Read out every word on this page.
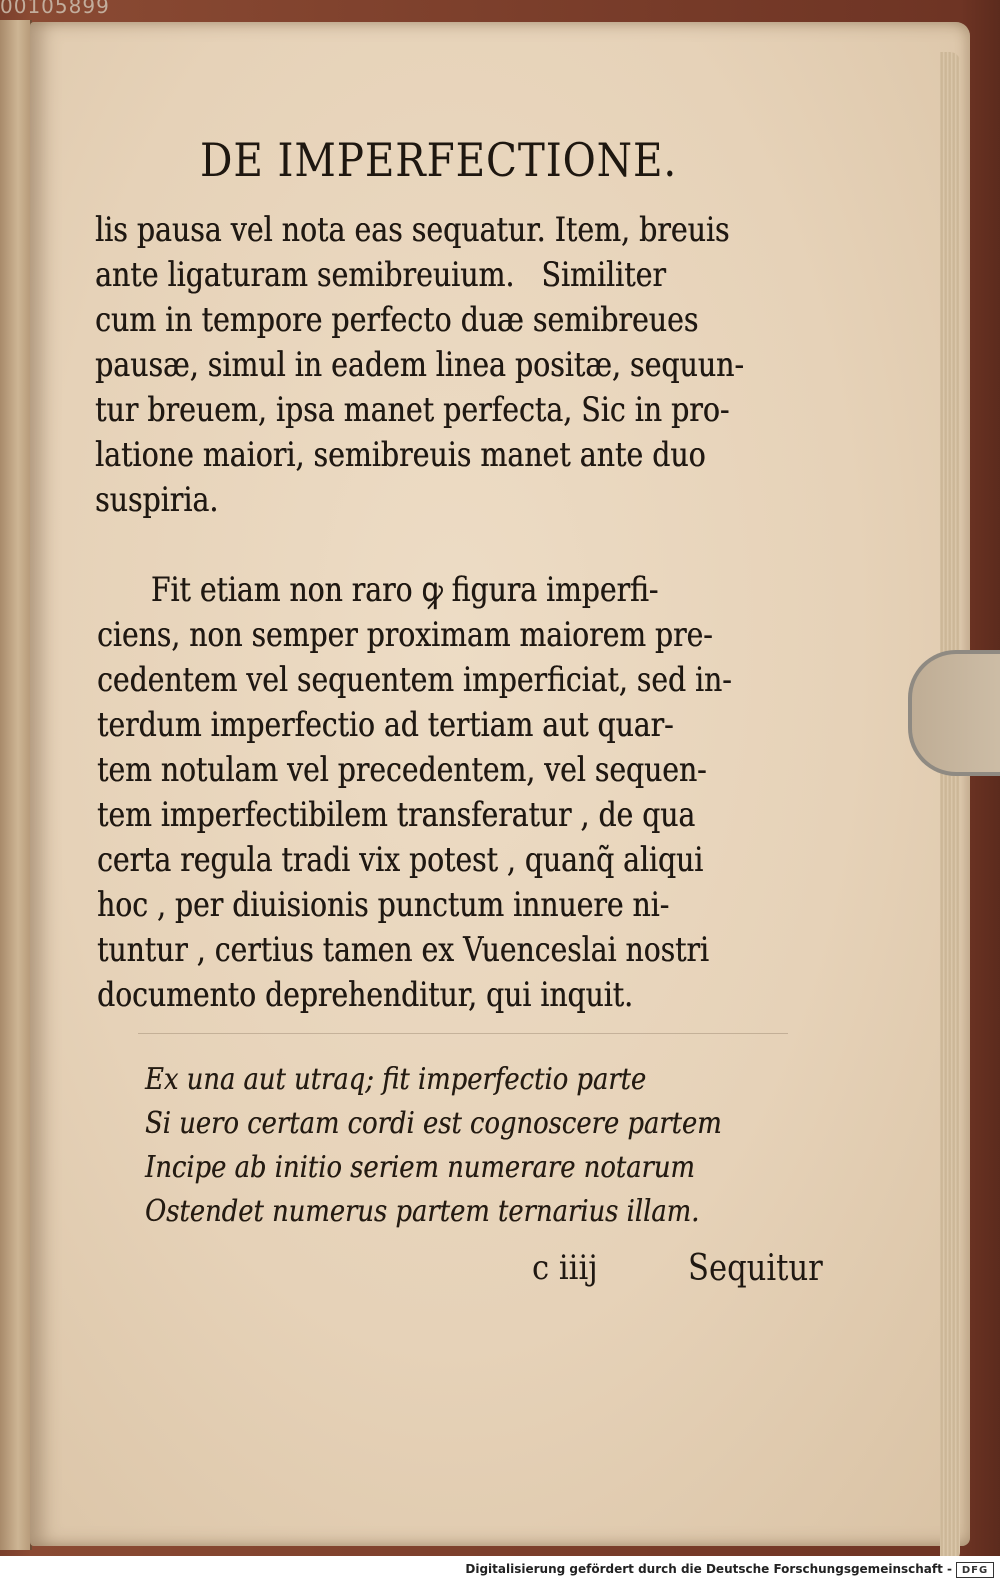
00105899

DE IMPERFECTIONE.
lis pausa vel nota eas sequatur. Item, breuis
ante ligaturam semibreuium.   Similiter
cum in tempore perfecto duæ semibreues
pausæ, simul in eadem linea positæ, sequun-
tur breuem, ipsa manet perfecta, Sic in pro-
latione maiori, semibreuis manet ante duo
suspiria.
Fit etiam non raro ꝙ figura imperfi-
ciens, non semper proximam maiorem pre-
cedentem vel sequentem imperficiat, sed in-
terdum imperfectio ad tertiam aut quar-
tem notulam vel precedentem, vel sequen-
tem imperfectibilem transferatur , de qua
certa regula tradi vix potest , quanq̃ aliqui
hoc , per diuisionis punctum innuere ni-
tuntur , certius tamen ex Vuenceslai nostri
documento deprehenditur, qui inquit.
Ex una aut utraq; fit imperfectio parte
Si uero certam cordi est cognoscere partem
Incipe ab initio seriem numerare notarum
Ostendet numerus partem ternarius illam.
c iiij	Sequitur
Digitalisierung gefördert durch die Deutsche Forschungsgemeinschaft - DFG
